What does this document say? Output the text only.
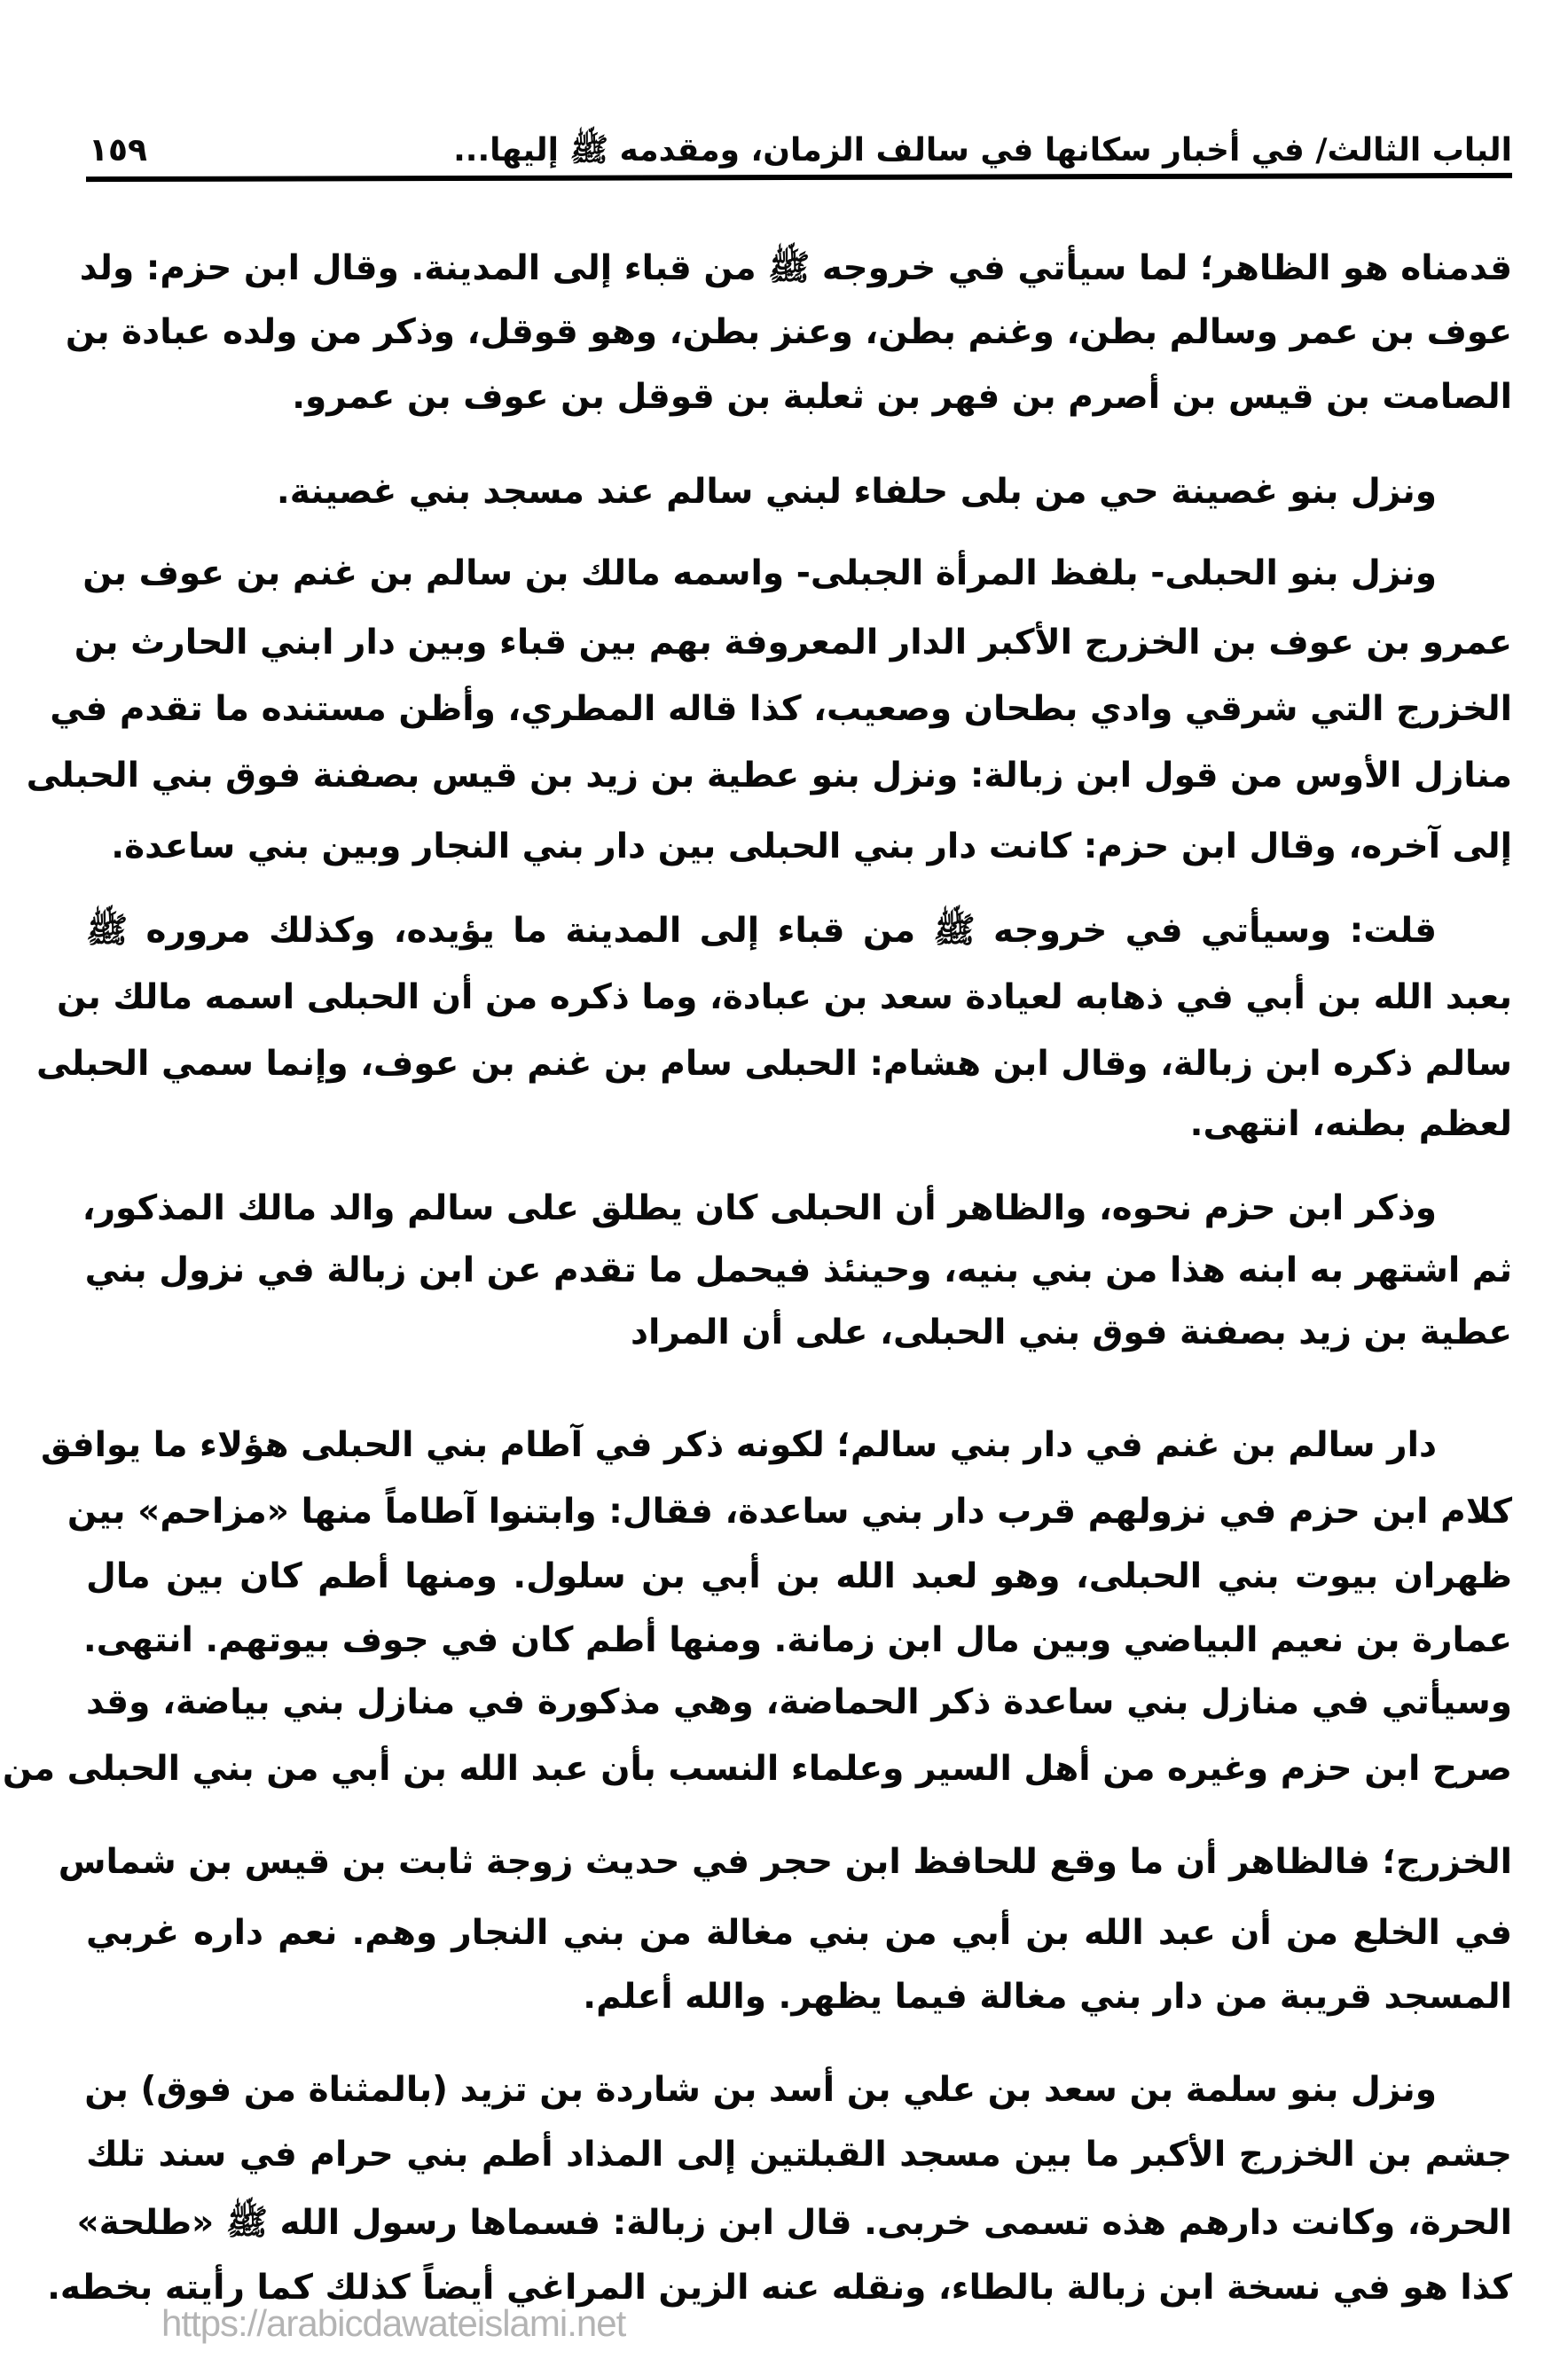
الباب الثالث/ في أخبار سكانها في سالف الزمان، ومقدمه ﷺ إليها...
١٥٩
قدمناه هو الظاهر؛ لما سيأتي في خروجه ﷺ من قباء إلى المدينة. وقال ابن حزم: ولد
عوف بن عمر وسالم بطن، وغنم بطن، وعنز بطن، وهو قوقل، وذكر من ولده عبادة بن
الصامت بن قيس بن أصرم بن فهر بن ثعلبة بن قوقل بن عوف بن عمرو.
ونزل بنو غصينة حي من بلى حلفاء لبني سالم عند مسجد بني غصينة.
ونزل بنو الحبلى- بلفظ المرأة الجبلى- واسمه مالك بن سالم بن غنم بن عوف بن
عمرو بن عوف بن الخزرج الأكبر الدار المعروفة بهم بين قباء وبين دار ابني الحارث بن
الخزرج التي شرقي وادي بطحان وصعيب، كذا قاله المطري، وأظن مستنده ما تقدم في
منازل الأوس من قول ابن زبالة: ونزل بنو عطية بن زيد بن قيس بصفنة فوق بني الحبلى
إلى آخره، وقال ابن حزم: كانت دار بني الحبلى بين دار بني النجار وبين بني ساعدة.
قلت: وسيأتي في خروجه ﷺ من قباء إلى المدينة ما يؤيده، وكذلك مروره ﷺ
بعبد الله بن أبي في ذهابه لعيادة سعد بن عبادة، وما ذكره من أن الحبلى اسمه مالك بن
سالم ذكره ابن زبالة، وقال ابن هشام: الحبلى سام بن غنم بن عوف، وإنما سمي الحبلى
لعظم بطنه، انتهى.
وذكر ابن حزم نحوه، والظاهر أن الحبلى كان يطلق على سالم والد مالك المذكور،
ثم اشتهر به ابنه هذا من بني بنيه، وحينئذ فيحمل ما تقدم عن ابن زبالة في نزول بني
عطية بن زيد بصفنة فوق بني الحبلى، على أن المراد
دار سالم بن غنم في دار بني سالم؛ لكونه ذكر في آطام بني الحبلى هؤلاء ما يوافق
كلام ابن حزم في نزولهم قرب دار بني ساعدة، فقال: وابتنوا آطاماً منها «مزاحم» بين
ظهران بيوت بني الحبلى، وهو لعبد الله بن أبي بن سلول. ومنها أطم كان بين مال
عمارة بن نعيم البياضي وبين مال ابن زمانة. ومنها أطم كان في جوف بيوتهم. انتهى.
وسيأتي في منازل بني ساعدة ذكر الحماضة، وهي مذكورة في منازل بني بياضة، وقد
صرح ابن حزم وغيره من أهل السير وعلماء النسب بأن عبد الله بن أبي من بني الحبلى من
الخزرج؛ فالظاهر أن ما وقع للحافظ ابن حجر في حديث زوجة ثابت بن قيس بن شماس
في الخلع من أن عبد الله بن أبي من بني مغالة من بني النجار وهم. نعم داره غربي
المسجد قريبة من دار بني مغالة فيما يظهر. والله أعلم.
ونزل بنو سلمة بن سعد بن علي بن أسد بن شاردة بن تزيد (بالمثناة من فوق) بن
جشم بن الخزرج الأكبر ما بين مسجد القبلتين إلى المذاد أطم بني حرام في سند تلك
الحرة، وكانت دارهم هذه تسمى خربى. قال ابن زبالة: فسماها رسول الله ﷺ «طلحة»
كذا هو في نسخة ابن زبالة بالطاء، ونقله عنه الزين المراغي أيضاً كذلك كما رأيته بخطه.
https://arabicdawateislami.net
